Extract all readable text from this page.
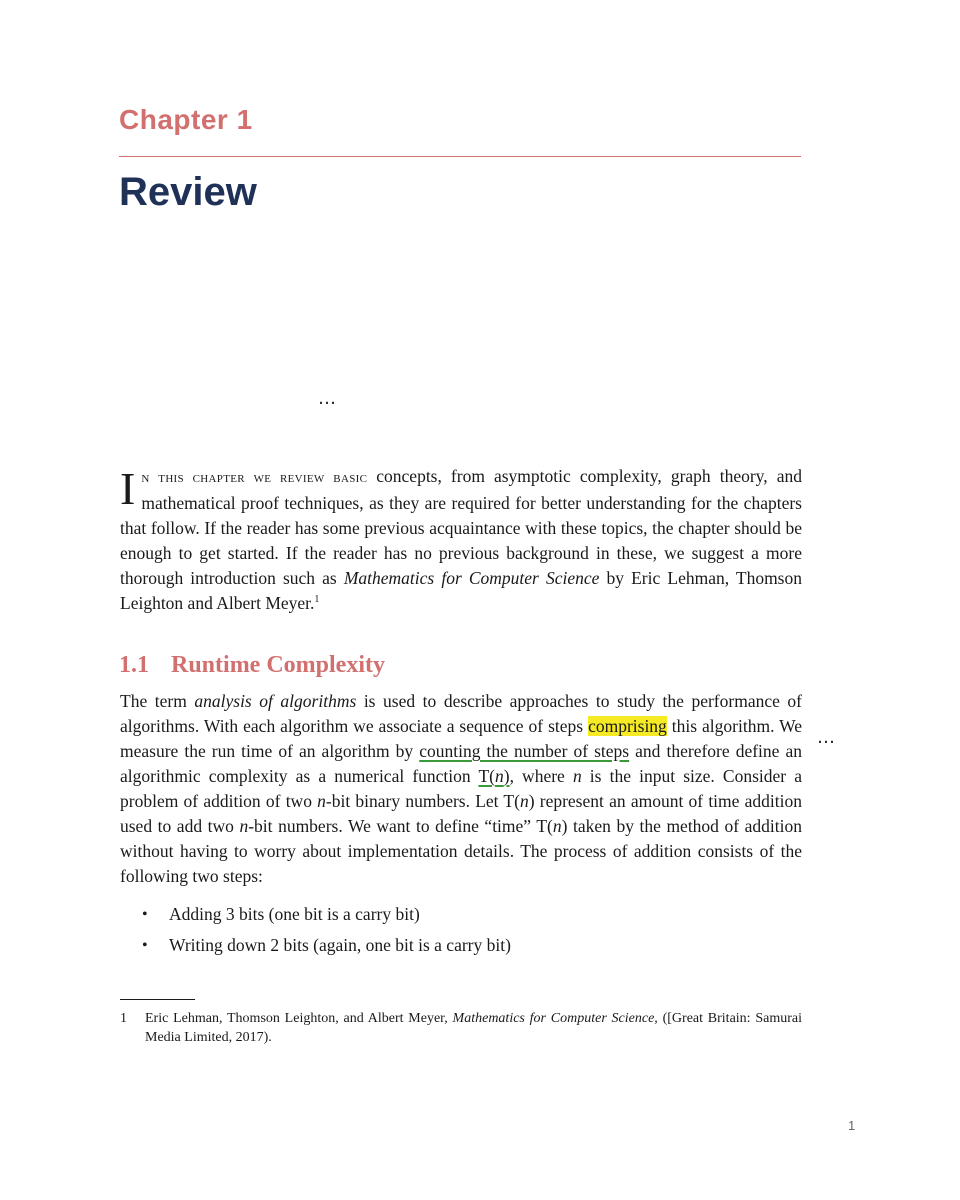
Chapter 1
Review
…
In this chapter we review basic concepts, from asymptotic complexity, graph theory, and mathematical proof techniques, as they are required for better understanding for the chapters that follow. If the reader has some previous acquaintance with these topics, the chapter should be enough to get started. If the reader has no previous background in these, we suggest a more thorough introduction such as Mathematics for Computer Science by Eric Lehman, Thomson Leighton and Albert Meyer.$^1$
1.1 Runtime Complexity
The term analysis of algorithms is used to describe approaches to study the performance of algorithms. With each algorithm we associate a sequence of steps comprising this algorithm. We measure the run time of an algorithm by counting the number of steps and therefore define an algorithmic complexity as a numerical function T(n), where n is the input size. Consider a problem of addition of two n-bit binary numbers. Let T(n) represent an amount of time addition used to add two n-bit numbers. We want to define “time” T(n) taken by the method of addition without having to worry about implementation details. The process of addition consists of the following two steps:
…
• Adding 3 bits (one bit is a carry bit)
• Writing down 2 bits (again, one bit is a carry bit)
1 Eric Lehman, Thomson Leighton, and Albert Meyer, Mathematics for Computer Science, ([Great Britain: Samurai Media Limited, 2017).
1
